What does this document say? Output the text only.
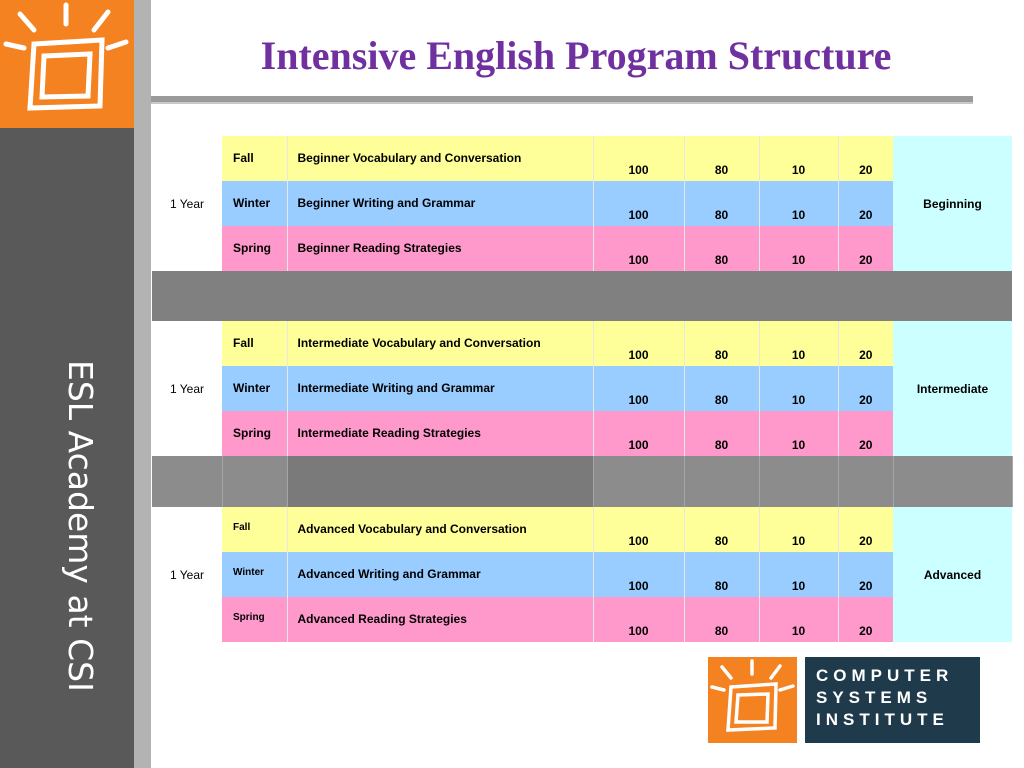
ESL Academy at CSI
Intensive English Program Structure
1 Year	Fall	Beginner Vocabulary and Conversation	100	80	10	20	Beginning
	Winter	Beginner Writing and Grammar	100	80	10	20	
	Spring	Beginner Reading Strategies	100	80	10	20	

1 Year	Fall	Intermediate Vocabulary and Conversation	100	80	10	20	Intermediate
	Winter	Intermediate Writing and Grammar	100	80	10	20	
	Spring	Intermediate Reading Strategies	100	80	10	20	

1 Year	Fall	Advanced Vocabulary and Conversation	100	80	10	20	Advanced
	Winter	Advanced Writing and Grammar	100	80	10	20	
	Spring	Advanced Reading Strategies	100	80	10	20	
COMPUTER
SYSTEMS
INSTITUTE
